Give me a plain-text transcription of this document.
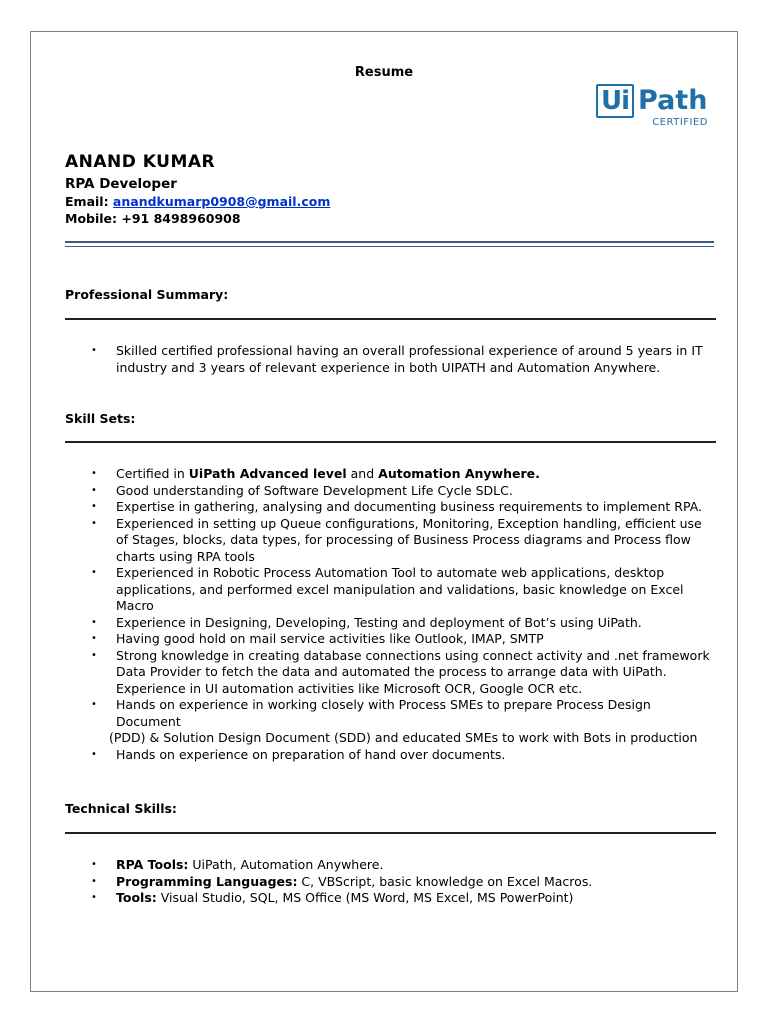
Resume
Ui Path
CERTIFIED
ANAND KUMAR
RPA Developer
Email: anandkumarp0908@gmail.com
Mobile: +91 8498960908
Professional Summary:
• Skilled certified professional having an overall professional experience of around 5 years in IT industry and 3 years of relevant experience in both UIPATH and Automation Anywhere.
Skill Sets:
• Certified in UiPath Advanced level and Automation Anywhere.
• Good understanding of Software Development Life Cycle SDLC.
• Expertise in gathering, analysing and documenting business requirements to implement RPA.
• Experienced in setting up Queue configurations, Monitoring, Exception handling, efficient use of Stages, blocks, data types, for processing of Business Process diagrams and Process flow charts using RPA tools
• Experienced in Robotic Process Automation Tool to automate web applications, desktop applications, and performed excel manipulation and validations, basic knowledge on Excel Macro
• Experience in Designing, Developing, Testing and deployment of Bot’s using UiPath.
• Having good hold on mail service activities like Outlook, IMAP, SMTP
• Strong knowledge in creating database connections using connect activity and .net framework Data Provider to fetch the data and automated the process to arrange data with UiPath. Experience in UI automation activities like Microsoft OCR, Google OCR etc.
• Hands on experience in working closely with Process SMEs to prepare Process Design Document
(PDD) & Solution Design Document (SDD) and educated SMEs to work with Bots in production
• Hands on experience on preparation of hand over documents.
Technical Skills:
• RPA Tools: UiPath, Automation Anywhere.
• Programming Languages: C, VBScript, basic knowledge on Excel Macros.
• Tools: Visual Studio, SQL, MS Office (MS Word, MS Excel, MS PowerPoint)
